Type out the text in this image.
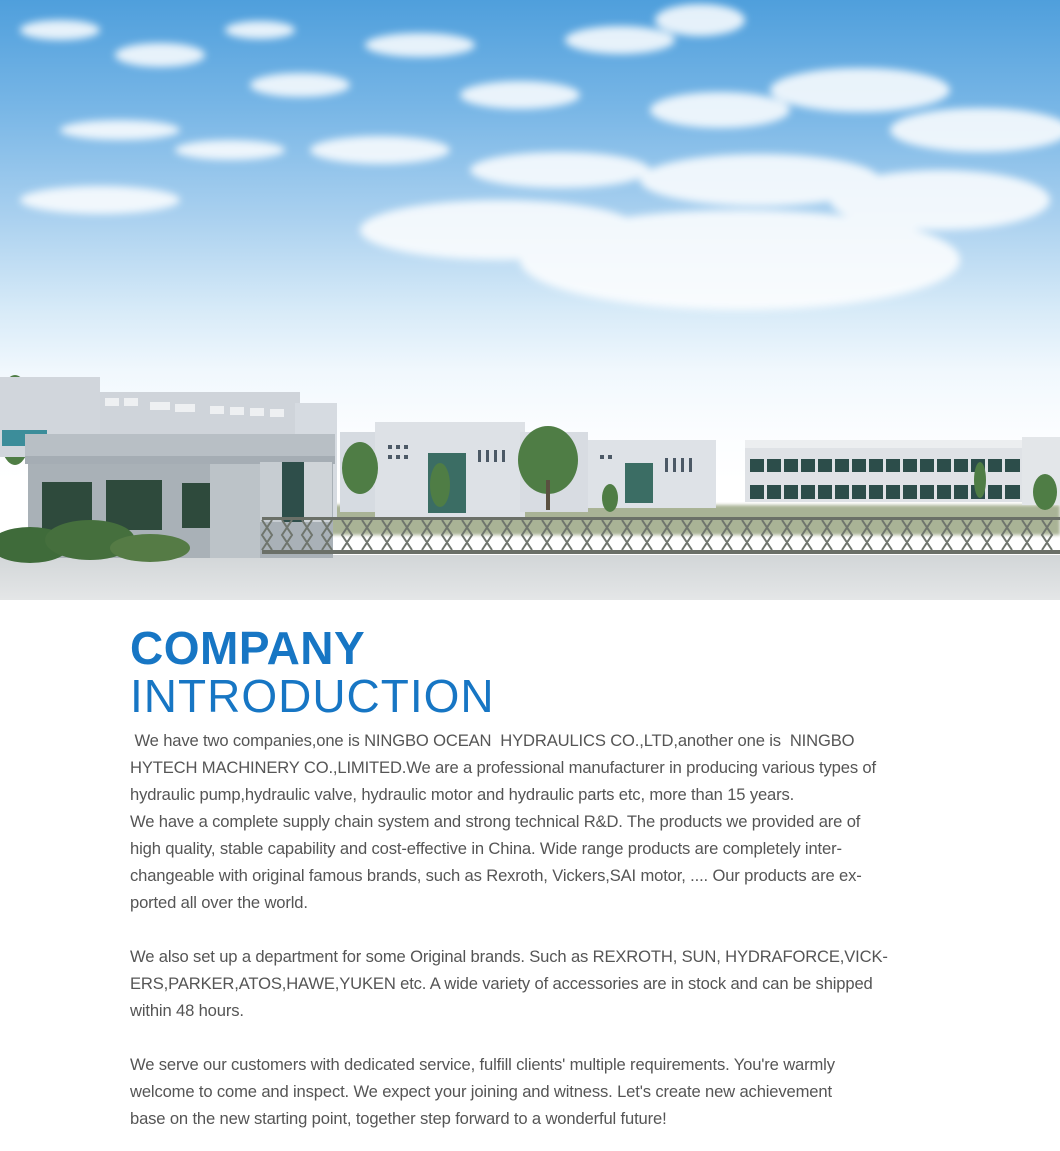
COMPANY
INTRODUCTION

We have two companies,one is NINGBO OCEAN  HYDRAULICS CO.,LTD,another one is  NINGBO
HYTECH MACHINERY CO.,LIMITED.We are a professional manufacturer in producing various types of
hydraulic pump,hydraulic valve, hydraulic motor and hydraulic parts etc, more than 15 years.
We have a complete supply chain system and strong technical R&D. The products we provided are of
high quality, stable capability and cost-effective in China. Wide range products are completely inter-
changeable with original famous brands, such as Rexroth, Vickers,SAI motor, .... Our products are ex-
ported all over the world.

We also set up a department for some Original brands. Such as REXROTH, SUN, HYDRAFORCE,VICK-
ERS,PARKER,ATOS,HAWE,YUKEN etc. A wide variety of accessories are in stock and can be shipped
within 48 hours.

We serve our customers with dedicated service, fulfill clients' multiple requirements. You're warmly
welcome to come and inspect. We expect your joining and witness. Let's create new achievement
base on the new starting point, together step forward to a wonderful future!
